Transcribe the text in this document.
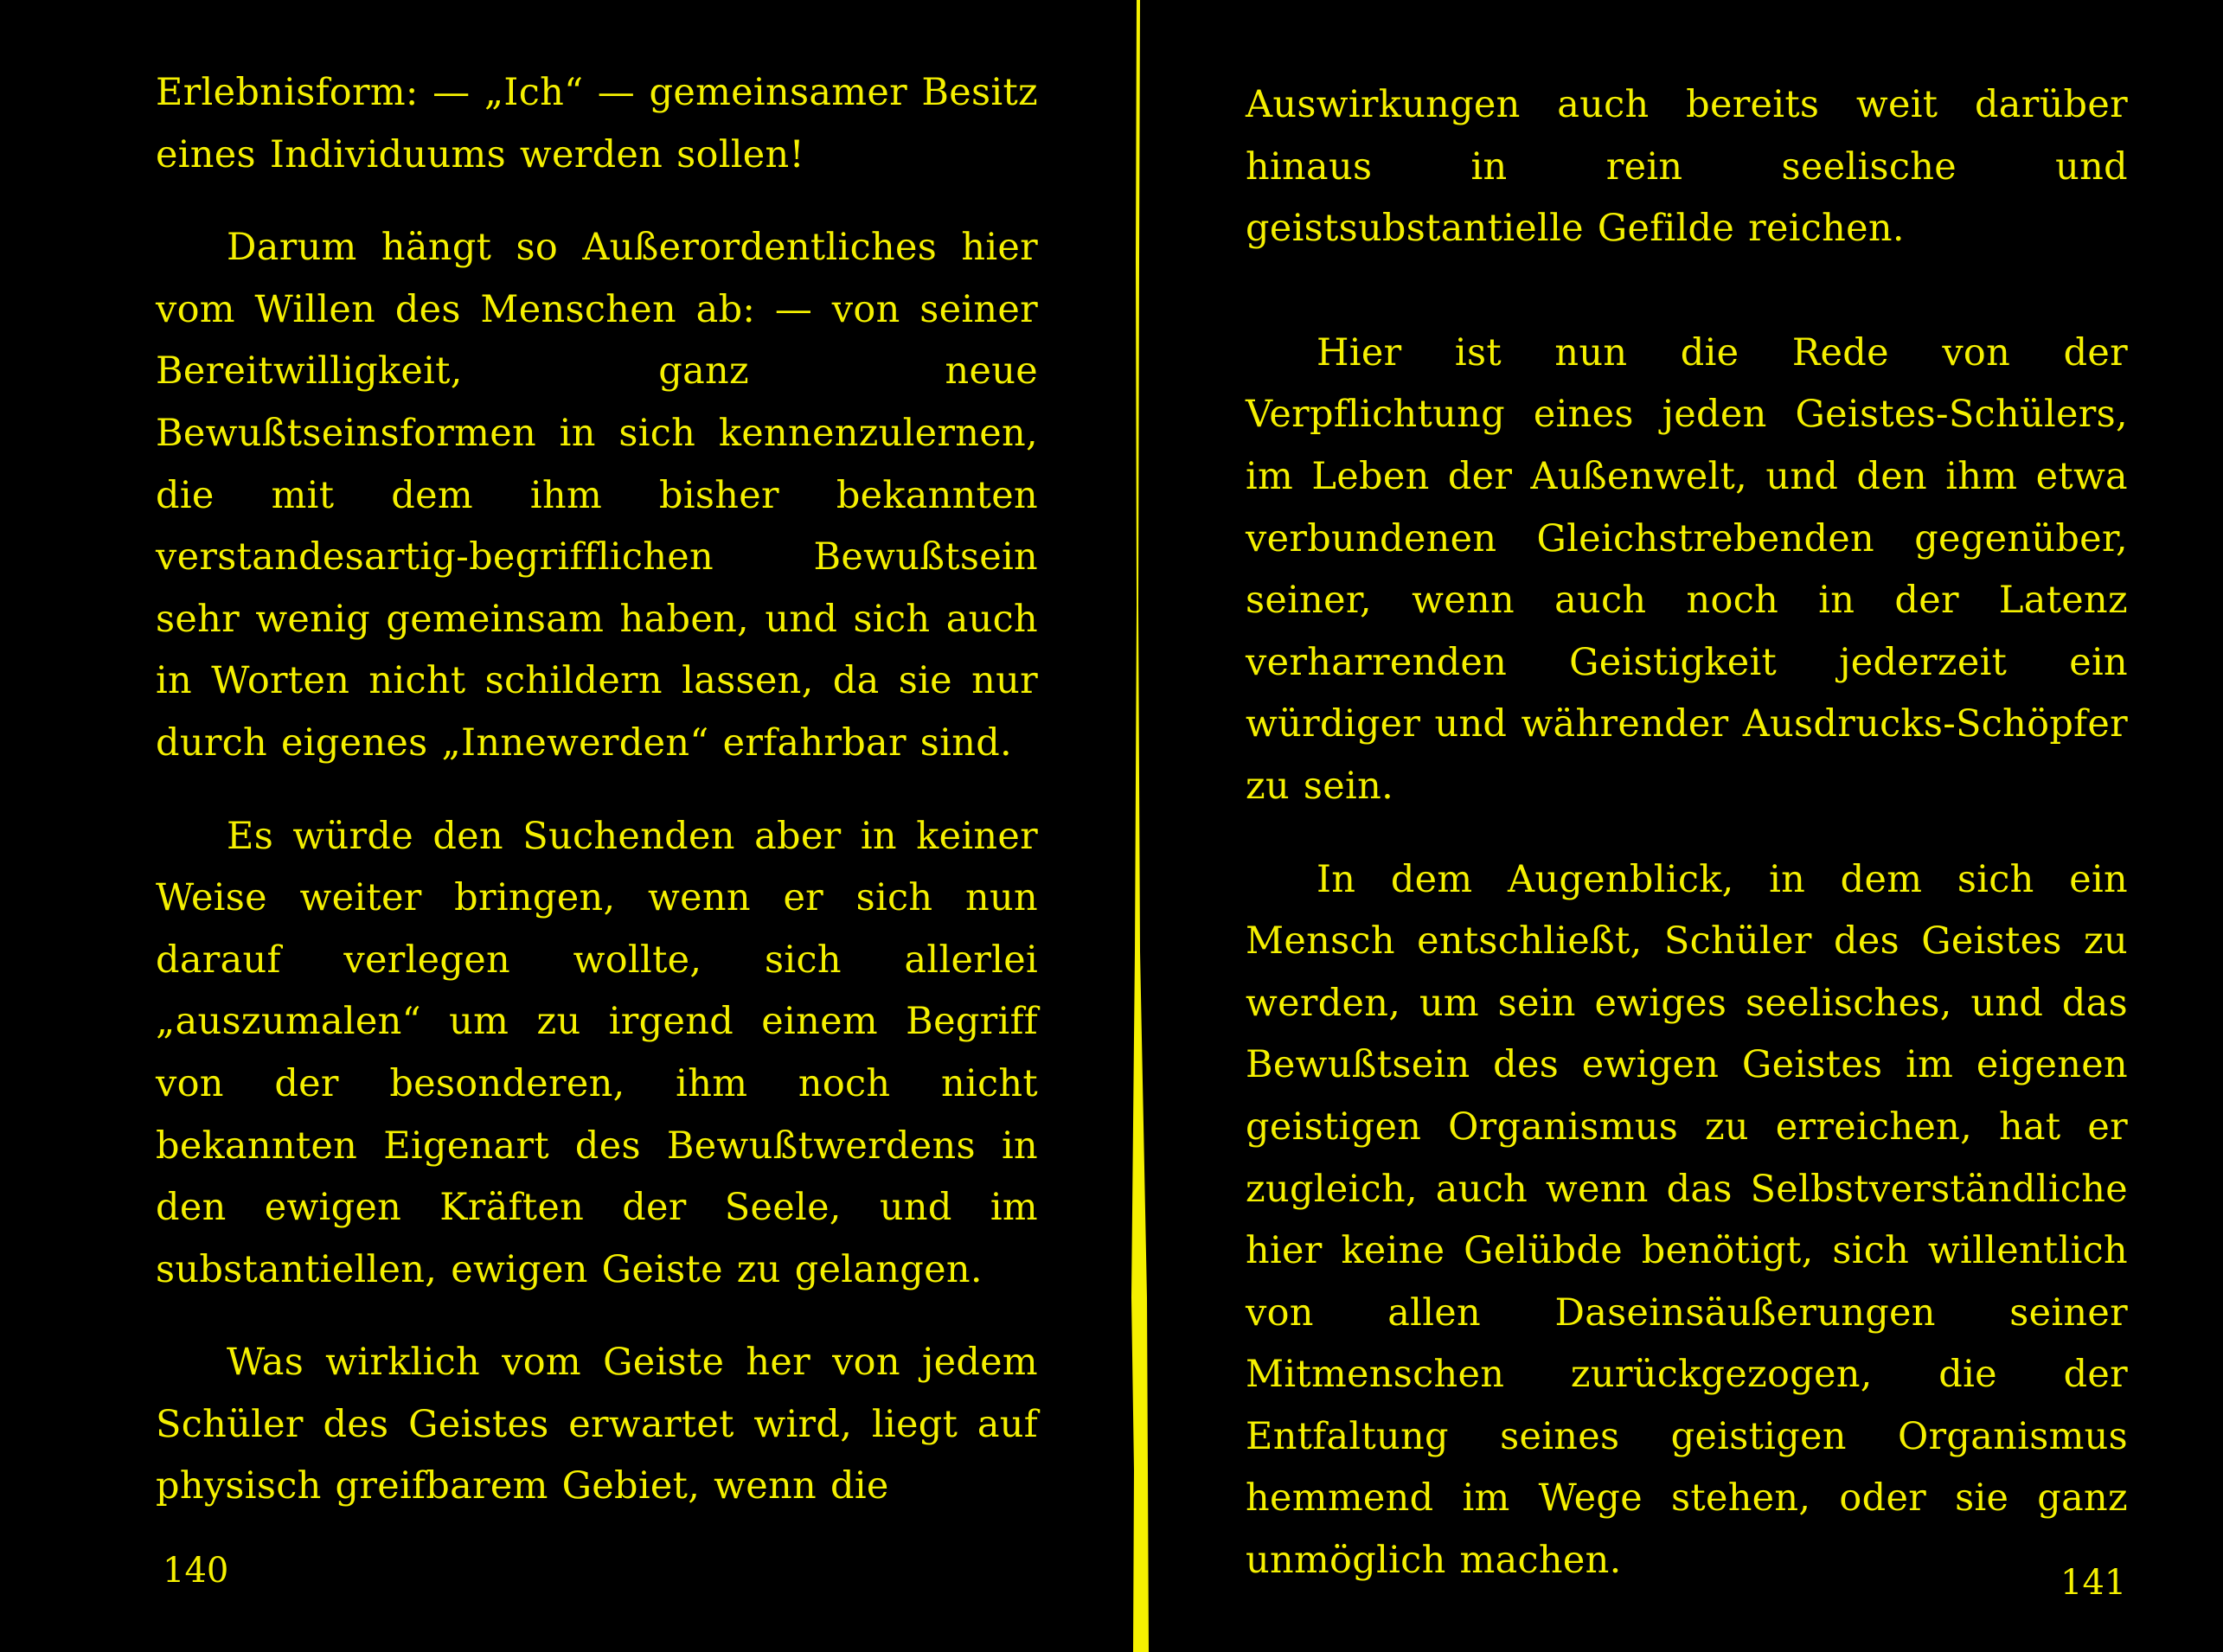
Erlebnisform: — „Ich“ — gemeinsamer Besitz eines Individuums werden sollen!

Darum hängt so Außerordentliches hier vom Willen des Menschen ab: — von seiner Bereitwilligkeit, ganz neue Bewußtseinsformen in sich kennenzulernen, die mit dem ihm bisher bekannten verstandesartig-begrifflichen Bewußtsein sehr wenig gemeinsam haben, und sich auch in Worten nicht schildern lassen, da sie nur durch eigenes „Innewerden“ erfahrbar sind.

Es würde den Suchenden aber in keiner Weise weiter bringen, wenn er sich nun darauf verlegen wollte, sich allerlei „auszumalen“ um zu irgend einem Begriff von der besonderen, ihm noch nicht bekannten Eigenart des Bewußtwerdens in den ewigen Kräften der Seele, und im substantiellen, ewigen Geiste zu gelangen.

Was wirklich vom Geiste her von jedem Schüler des Geistes erwartet wird, liegt auf physisch greifbarem Gebiet, wenn die

140

Auswirkungen auch bereits weit darüber hinaus in rein seelische und geistsubstantielle Gefilde reichen.

Hier ist nun die Rede von der Verpflichtung eines jeden Geistes-Schülers, im Leben der Außenwelt, und den ihm etwa verbundenen Gleichstrebenden gegenüber, seiner, wenn auch noch in der Latenz verharrenden Geistigkeit jederzeit ein würdiger und währender Ausdrucks-Schöpfer zu sein.

In dem Augenblick, in dem sich ein Mensch entschließt, Schüler des Geistes zu werden, um sein ewiges seelisches, und das Bewußtsein des ewigen Geistes im eigenen geistigen Organismus zu erreichen, hat er zugleich, auch wenn das Selbstverständliche hier keine Gelübde benötigt, sich willentlich von allen Daseinsäußerungen seiner Mitmenschen zurückgezogen, die der Entfaltung seines geistigen Organismus hemmend im Wege stehen, oder sie ganz unmöglich machen.

141
